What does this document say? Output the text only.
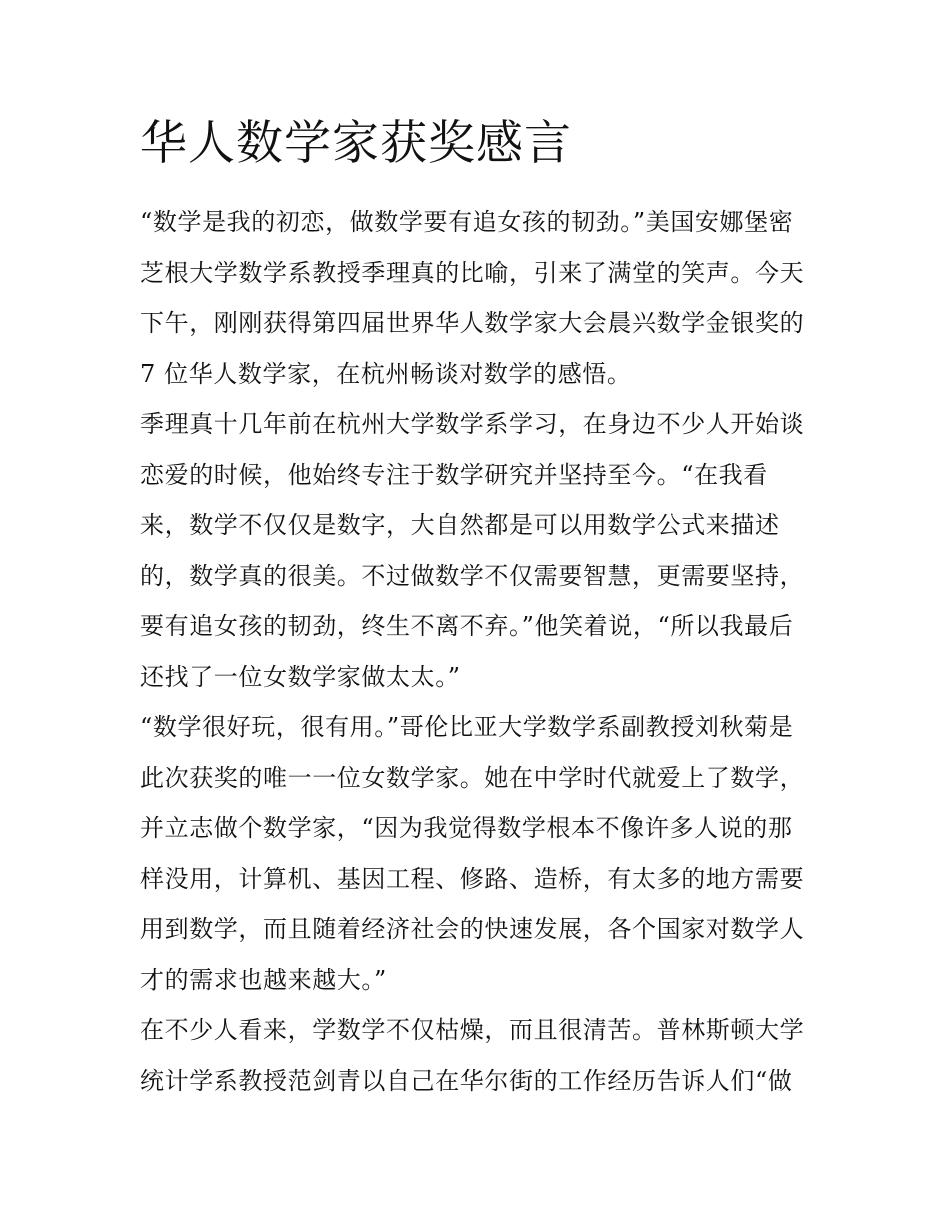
华人数学家获奖感言
“数学是我的初恋，做数学要有追女孩的韧劲。”美国安娜堡密
芝根大学数学系教授季理真的比喻，引来了满堂的笑声。今天
下午，刚刚获得第四届世界华人数学家大会晨兴数学金银奖的
7 位华人数学家，在杭州畅谈对数学的感悟。
季理真十几年前在杭州大学数学系学习，在身边不少人开始谈
恋爱的时候，他始终专注于数学研究并坚持至今。“在我看
来，数学不仅仅是数字，大自然都是可以用数学公式来描述
的，数学真的很美。不过做数学不仅需要智慧，更需要坚持，
要有追女孩的韧劲，终生不离不弃。”他笑着说，“所以我最后
还找了一位女数学家做太太。”
“数学很好玩，很有用。”哥伦比亚大学数学系副教授刘秋菊是
此次获奖的唯一一位女数学家。她在中学时代就爱上了数学，
并立志做个数学家，“因为我觉得数学根本不像许多人说的那
样没用，计算机、基因工程、修路、造桥，有太多的地方需要
用到数学，而且随着经济社会的快速发展，各个国家对数学人
才的需求也越来越大。”
在不少人看来，学数学不仅枯燥，而且很清苦。普林斯顿大学
统计学系教授范剑青以自己在华尔街的工作经历告诉人们“做
